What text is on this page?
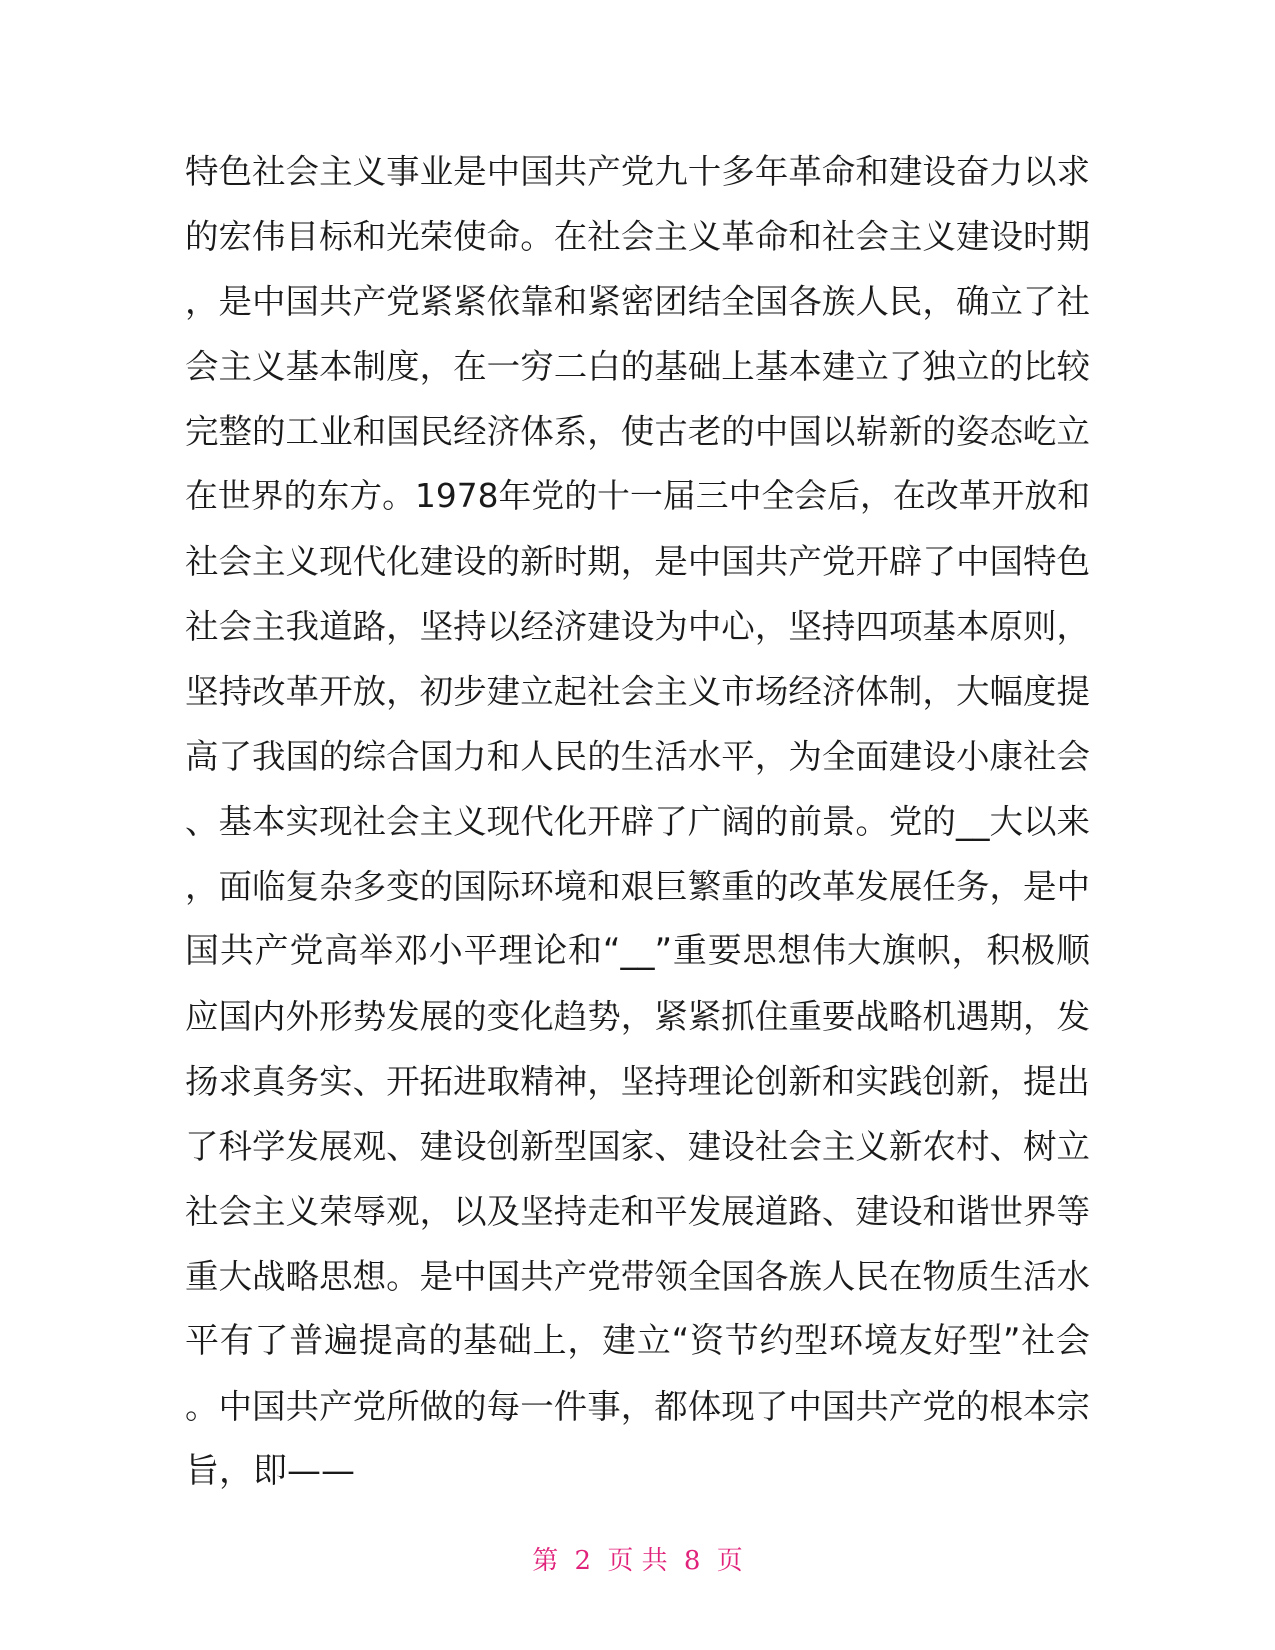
特色社会主义事业是中国共产党九十多年革命和建设奋力以求
的宏伟目标和光荣使命。在社会主义革命和社会主义建设时期
，是中国共产党紧紧依靠和紧密团结全国各族人民，确立了社
会主义基本制度，在一穷二白的基础上基本建立了独立的比较
完整的工业和国民经济体系，使古老的中国以崭新的姿态屹立
在世界的东方。1978年党的十一届三中全会后，在改革开放和
社会主义现代化建设的新时期，是中国共产党开辟了中国特色
社会主我道路，坚持以经济建设为中心，坚持四项基本原则，
坚持改革开放，初步建立起社会主义市场经济体制，大幅度提
高了我国的综合国力和人民的生活水平，为全面建设小康社会
、基本实现社会主义现代化开辟了广阔的前景。党的__大以来
，面临复杂多变的国际环境和艰巨繁重的改革发展任务，是中
国共产党高举邓小平理论和“__”重要思想伟大旗帜，积极顺
应国内外形势发展的变化趋势，紧紧抓住重要战略机遇期，发
扬求真务实、开拓进取精神，坚持理论创新和实践创新，提出
了科学发展观、建设创新型国家、建设社会主义新农村、树立
社会主义荣辱观，以及坚持走和平发展道路、建设和谐世界等
重大战略思想。是中国共产党带领全国各族人民在物质生活水
平有了普遍提高的基础上，建立“资节约型环境友好型”社会
。中国共产党所做的每一件事，都体现了中国共产党的根本宗
旨，即——
第 2 页 共 8 页
